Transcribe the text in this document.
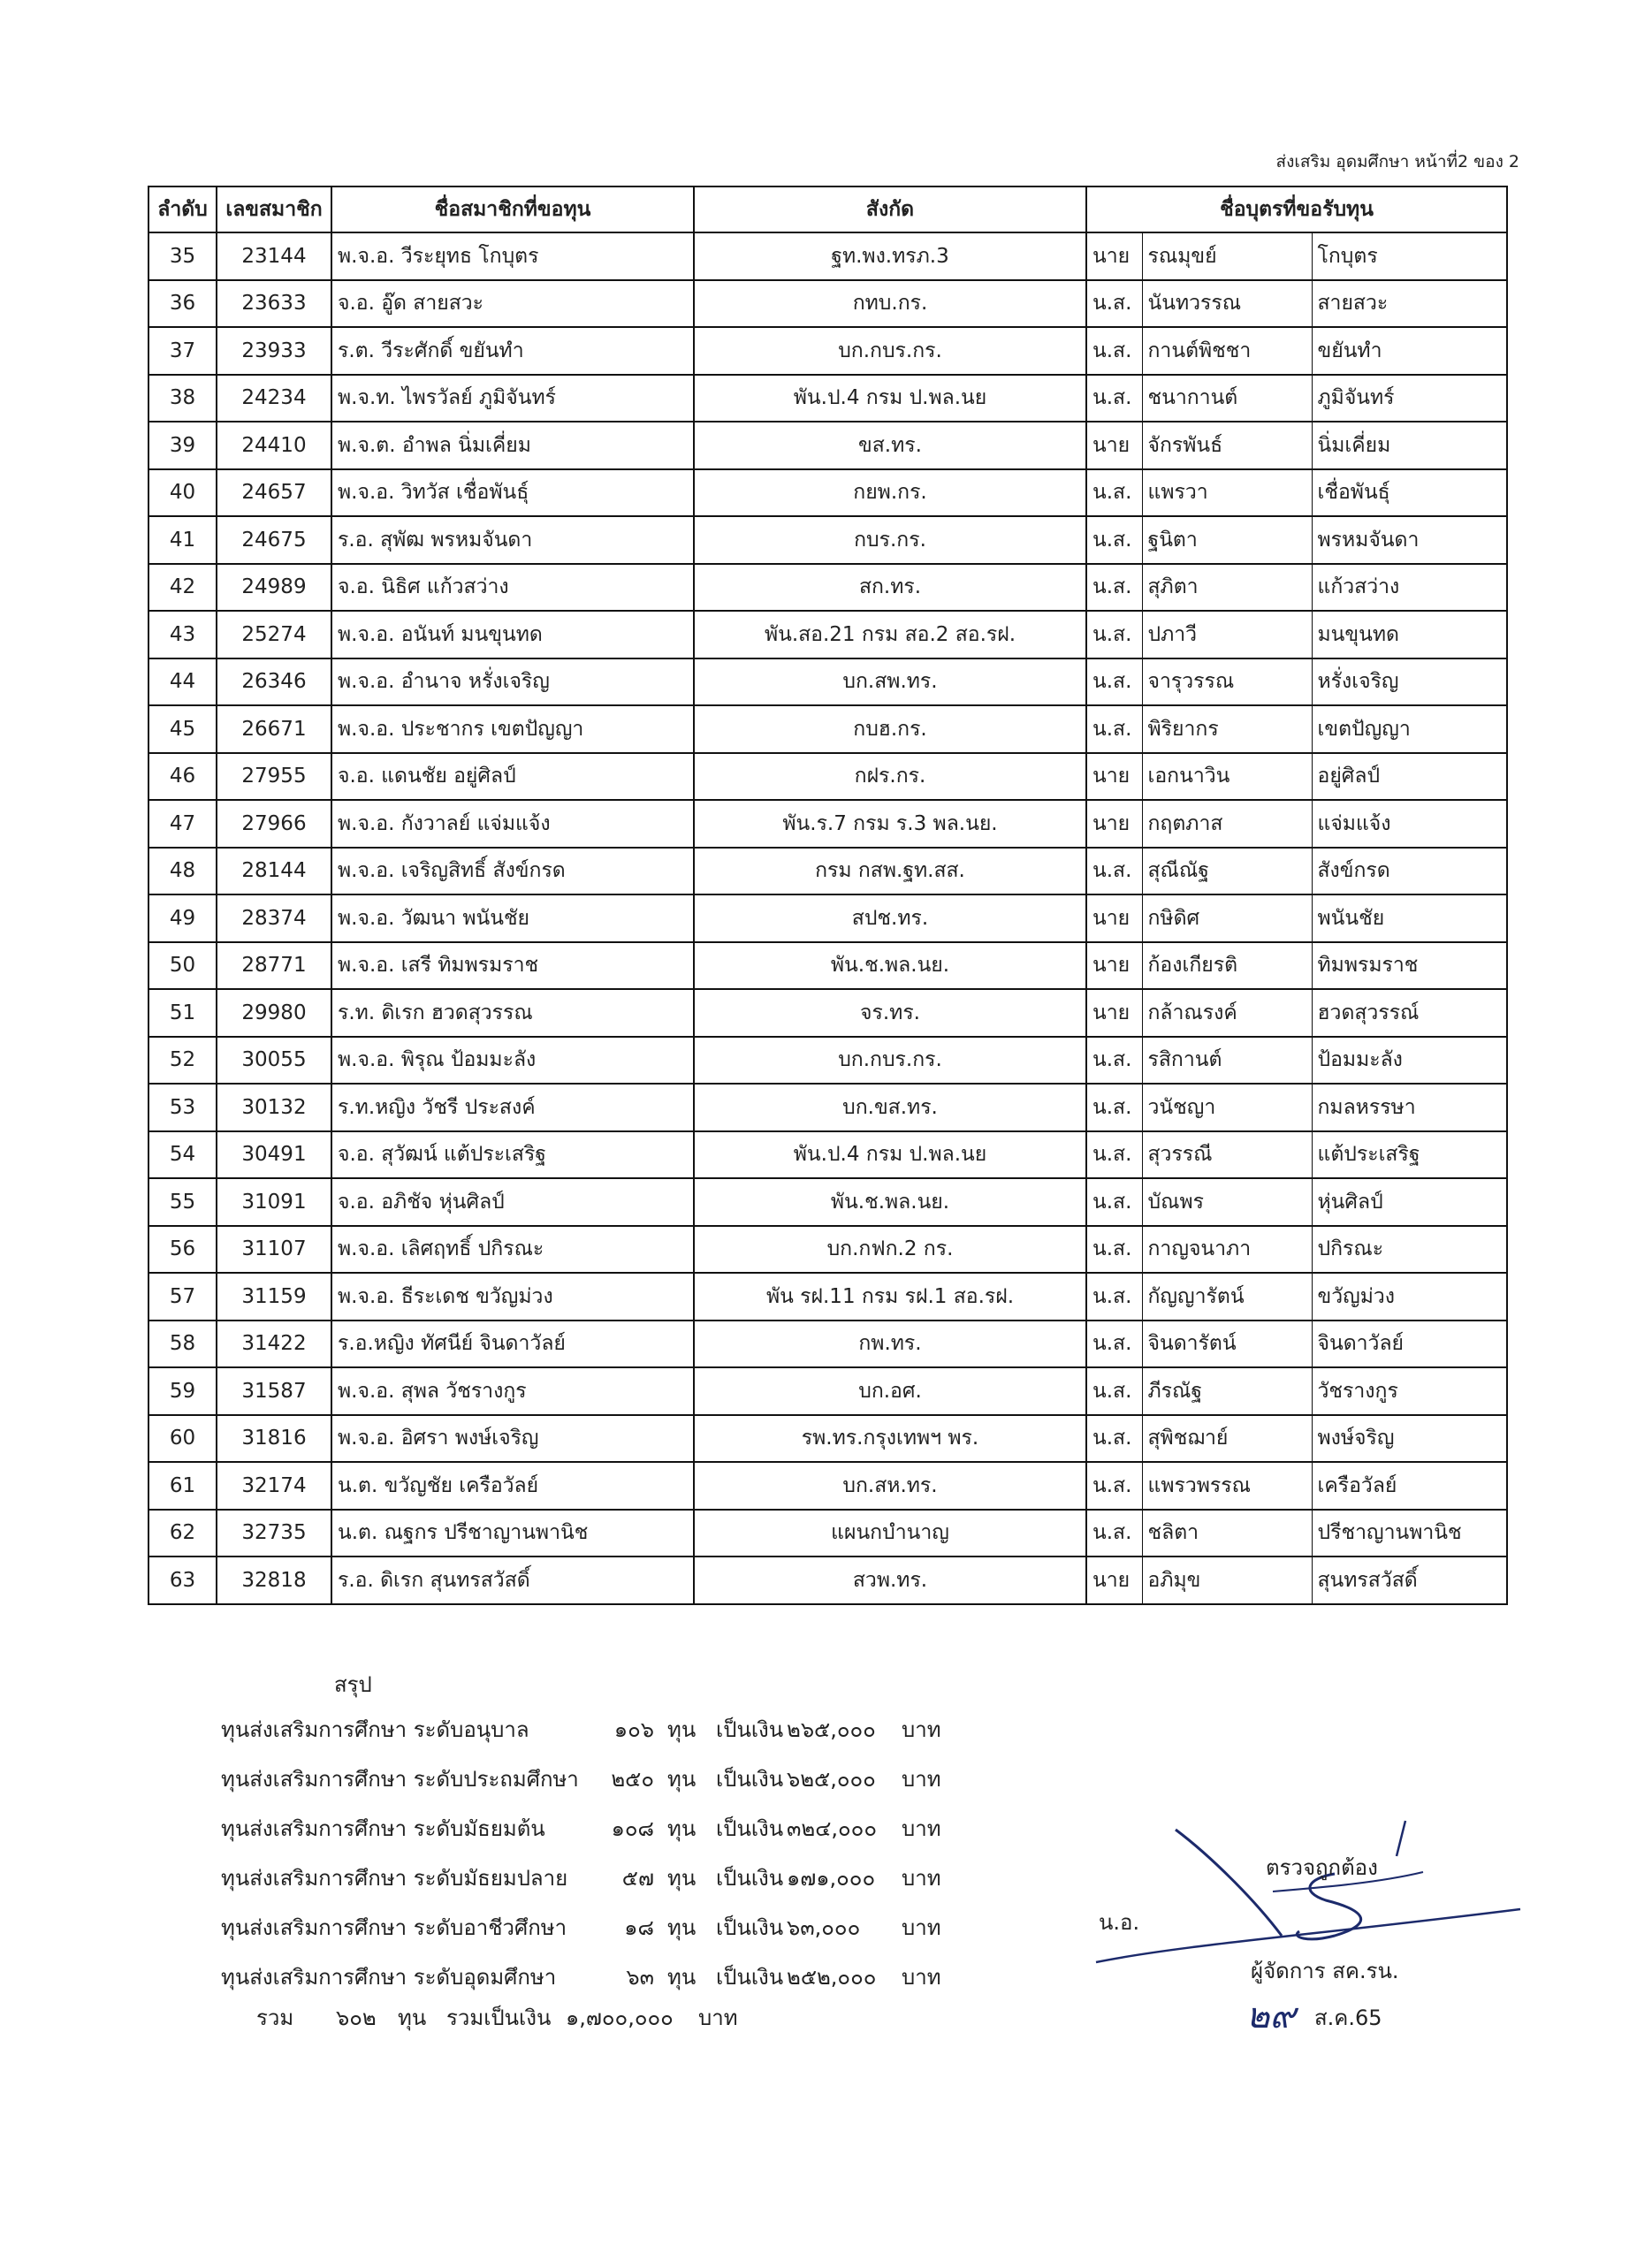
ส่งเสริม อุดมศึกษา หน้าที่2 ของ 2
ลำดับ	เลขสมาชิก	ชื่อสมาชิกที่ขอทุน	สังกัด	ชื่อบุตรที่ขอรับทุน		
35	23144	พ.จ.อ. วีระยุทธ โกบุตร	ฐท.พง.ทรภ.3	นาย	รณมุขย์	โกบุตร
36	23633	จ.อ. อู๊ด สายสวะ	กทบ.กร.	น.ส.	นันทวรรณ	สายสวะ
37	23933	ร.ต. วีระศักดิ์ ขยันทำ	บก.กบร.กร.	น.ส.	กานต์พิชชา	ขยันทำ
38	24234	พ.จ.ท. ไพรวัลย์ ภูมิจันทร์	พัน.ป.4 กรม ป.พล.นย	น.ส.	ชนากานต์	ภูมิจันทร์
39	24410	พ.จ.ต. อำพล นิ่มเคี่ยม	ขส.ทร.	นาย	จักรพันธ์	นิ่มเคี่ยม
40	24657	พ.จ.อ. วิทวัส เชื่อพันธุ์	กยพ.กร.	น.ส.	แพรวา	เชื่อพันธุ์
41	24675	ร.อ. สุพัฒ พรหมจันดา	กบร.กร.	น.ส.	ฐนิตา	พรหมจันดา
42	24989	จ.อ. นิธิศ แก้วสว่าง	สก.ทร.	น.ส.	สุภิตา	แก้วสว่าง
43	25274	พ.จ.อ. อนันท์ มนขุนทด	พัน.สอ.21 กรม สอ.2 สอ.รฝ.	น.ส.	ปภาวี	มนขุนทด
44	26346	พ.จ.อ. อำนาจ หรั่งเจริญ	บก.สพ.ทร.	น.ส.	จารุวรรณ	หรั่งเจริญ
45	26671	พ.จ.อ. ประชากร เขตปัญญา	กบฮ.กร.	น.ส.	พิริยากร	เขตปัญญา
46	27955	จ.อ. แดนชัย อยู่ศิลป์	กฝร.กร.	นาย	เอกนาวิน	อยู่ศิลป์
47	27966	พ.จ.อ. กังวาลย์ แจ่มแจ้ง	พัน.ร.7 กรม ร.3 พล.นย.	นาย	กฤตภาส	แจ่มแจ้ง
48	28144	พ.จ.อ. เจริญสิทธิ์ สังข์กรด	กรม กสพ.ฐท.สส.	น.ส.	สุณีณัฐ	สังข์กรด
49	28374	พ.จ.อ. วัฒนา พนันชัย	สปช.ทร.	นาย	กษิดิศ	พนันชัย
50	28771	พ.จ.อ. เสรี ทิมพรมราช	พัน.ช.พล.นย.	นาย	ก้องเกียรติ	ทิมพรมราช
51	29980	ร.ท. ดิเรก ฮวดสุวรรณ	จร.ทร.	นาย	กล้าณรงค์	ฮวดสุวรรณ์
52	30055	พ.จ.อ. พิรุณ ป้อมมะลัง	บก.กบร.กร.	น.ส.	รสิกานต์	ป้อมมะลัง
53	30132	ร.ท.หญิง วัชรี ประสงค์	บก.ขส.ทร.	น.ส.	วนัชญา	กมลหรรษา
54	30491	จ.อ. สุวัฒน์ แต้ประเสริฐ	พัน.ป.4 กรม ป.พล.นย	น.ส.	สุวรรณี	แต้ประเสริฐ
55	31091	จ.อ. อภิชัจ หุ่นศิลป์	พัน.ช.พล.นย.	น.ส.	บัณพร	หุ่นศิลป์
56	31107	พ.จ.อ. เลิศฤทธิ์ ปกิรณะ	บก.กฟก.2 กร.	น.ส.	กาญจนาภา	ปกิรณะ
57	31159	พ.จ.อ. ธีระเดช ขวัญม่วง	พัน รฝ.11 กรม รฝ.1 สอ.รฝ.	น.ส.	กัญญารัตน์	ขวัญม่วง
58	31422	ร.อ.หญิง ทัศนีย์ จินดาวัลย์	กพ.ทร.	น.ส.	จินดารัตน์	จินดาวัลย์
59	31587	พ.จ.อ. สุพล วัชรางกูร	บก.อศ.	น.ส.	ภีรณัฐ	วัชรางกูร
60	31816	พ.จ.อ. อิศรา พงษ์เจริญ	รพ.ทร.กรุงเทพฯ พร.	น.ส.	สุพิชฌาย์	พงษ์จริญ
61	32174	น.ต. ขวัญชัย เครือวัลย์	บก.สห.ทร.	น.ส.	แพรวพรรณ	เครือวัลย์
62	32735	น.ต. ณฐกร ปรีชาญานพานิช	แผนกบำนาญ	น.ส.	ชลิตา	ปรีชาญานพานิช
63	32818	ร.อ. ดิเรก สุนทรสวัสดิ์	สวพ.ทร.	นาย	อภิมุข	สุนทรสวัสดิ์
สรุป
ทุนส่งเสริมการศึกษา ระดับอนุบาล	๑๐๖ ทุน เป็นเงิน ๒๖๕,๐๐๐ บาท
ทุนส่งเสริมการศึกษา ระดับประถมศึกษา	๒๕๐ ทุน เป็นเงิน ๖๒๕,๐๐๐ บาท
ทุนส่งเสริมการศึกษา ระดับมัธยมต้น	๑๐๘ ทุน เป็นเงิน ๓๒๔,๐๐๐ บาท
ทุนส่งเสริมการศึกษา ระดับมัธยมปลาย	๕๗ ทุน เป็นเงิน ๑๗๑,๐๐๐ บาท
ทุนส่งเสริมการศึกษา ระดับอาชีวศึกษา	๑๘ ทุน เป็นเงิน ๖๓,๐๐๐ บาท
ทุนส่งเสริมการศึกษา ระดับอุดมศึกษา	๖๓ ทุน เป็นเงิน ๒๕๒,๐๐๐ บาท
รวม ๖๐๒ ทุน รวมเป็นเงิน ๑,๗๐๐,๐๐๐ บาท
ตรวจถูกต้อง
น.อ.
ผู้จัดการ สค.รน.
๒๙ ส.ค.65
